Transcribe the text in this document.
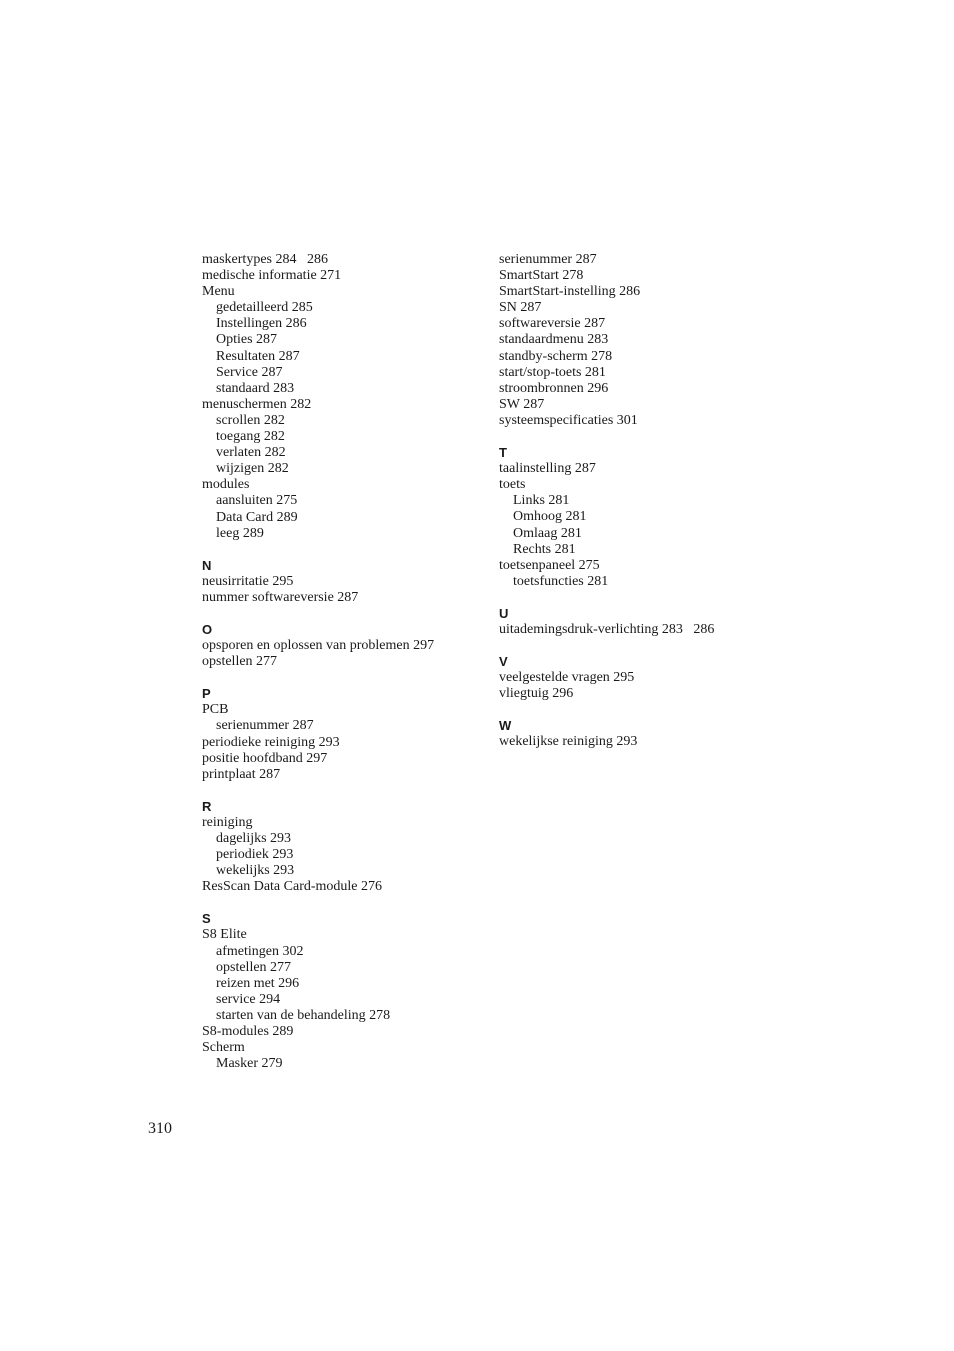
maskertypes 284   286
medische informatie 271
Menu
gedetailleerd 285
Instellingen 286
Opties 287
Resultaten 287
Service 287
standaard 283
menuschermen 282
scrollen 282
toegang 282
verlaten 282
wijzigen 282
modules
aansluiten 275
Data Card 289
leeg 289
N
neusirritatie 295
nummer softwareversie 287
O
opsporen en oplossen van problemen 297
opstellen 277
P
PCB
serienummer 287
periodieke reiniging 293
positie hoofdband 297
printplaat 287
R
reiniging
dagelijks 293
periodiek 293
wekelijks 293
ResScan Data Card-module 276
S
S8 Elite
afmetingen 302
opstellen 277
reizen met 296
service 294
starten van de behandeling 278
S8-modules 289
Scherm
Masker 279
serienummer 287
SmartStart 278
SmartStart-instelling 286
SN 287
softwareversie 287
standaardmenu 283
standby-scherm 278
start/stop-toets 281
stroombronnen 296
SW 287
systeemspecificaties 301
T
taalinstelling 287
toets
Links 281
Omhoog 281
Omlaag 281
Rechts 281
toetsenpaneel 275
toetsfuncties 281
U
uitademingsdruk-verlichting 283   286
V
veelgestelde vragen 295
vliegtuig 296
W
wekelijkse reiniging 293
310
